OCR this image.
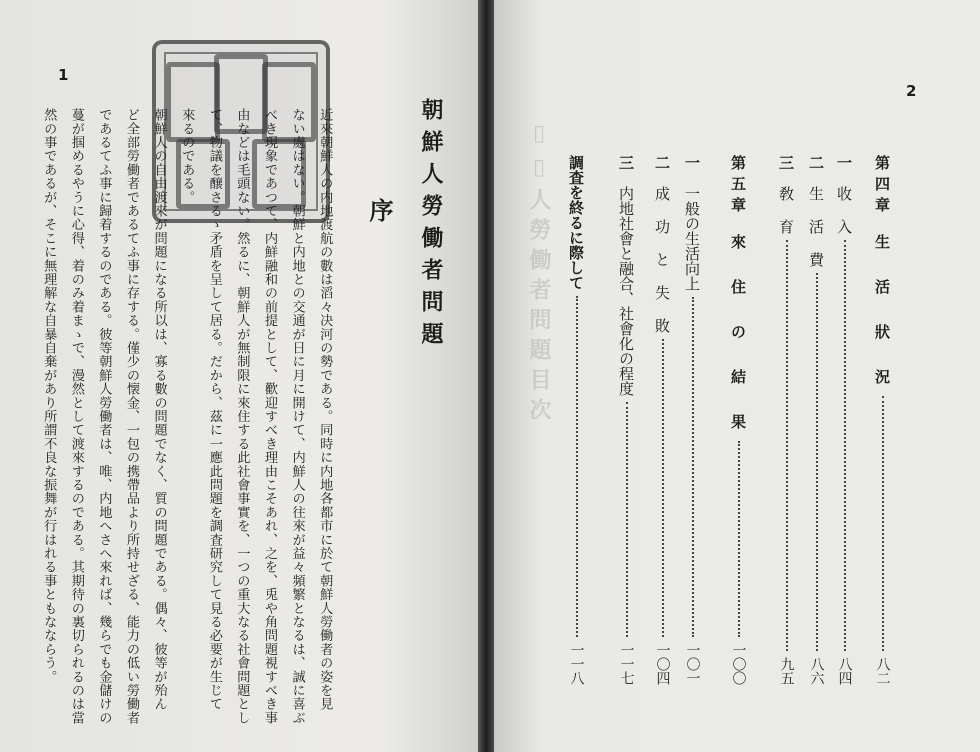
1
朝鮮人勞働者問題
序
近來朝鮮人の内地渡航の數は滔々决河の勢である。同時に内地各都市に於て朝鮮人勞働者の姿を見
ない處はない。朝鮮と内地との交通が日に月に開けて、内鮮人の往來が益々頻繁となるは、誠に喜ぶ
べき現象であつて、内鮮融和の前提として、歡迎すべき理由こそあれ、之を、兎や角問題視すべき事
由などは毛頭ない。然るに、朝鮮人が無制限に來住する此社會事實を、一つの重大なる社會問題とし
て、物議を醸さるゝ矛盾を呈して居る。だから、茲に一應此問題を調査研究して見る必要が生じて
來るのである。
朝鮮人の自由渡來が問題になる所以は、寡る數の問題でなく、質の問題である。偶々、彼等が殆ん
ど全部勞働者であるてふ事に存する。僅少の懐金、一包の携帶品より所持せざる、能力の低い勞働者
であるてふ事に歸着するのである。彼等朝鮮人勞働者は、唯、内地へさへ來れば、幾らでも金儲けの
蔓が掴めるやうに心得、着のみ着まゝで、漫然として渡來するのである。其期待の裏切られるのは當
然の事であるが、そこに無理解な自暴自棄があり所謂不良な振舞が行はれる事ともなならう。	▯▯人勞働者問題目次
2
第四章
生 活 狀 況
八二
一
收 入
八四
二
生 活 費
八六
三
敎 育
九五
第五章
來 住 の 結 果
一〇〇
一
一般の生活向上
一〇一
二
成 功 と 失 敗
一〇四
三
内地社會と融合、社會化の程度
一一七
調査を終るに際して
一一八
